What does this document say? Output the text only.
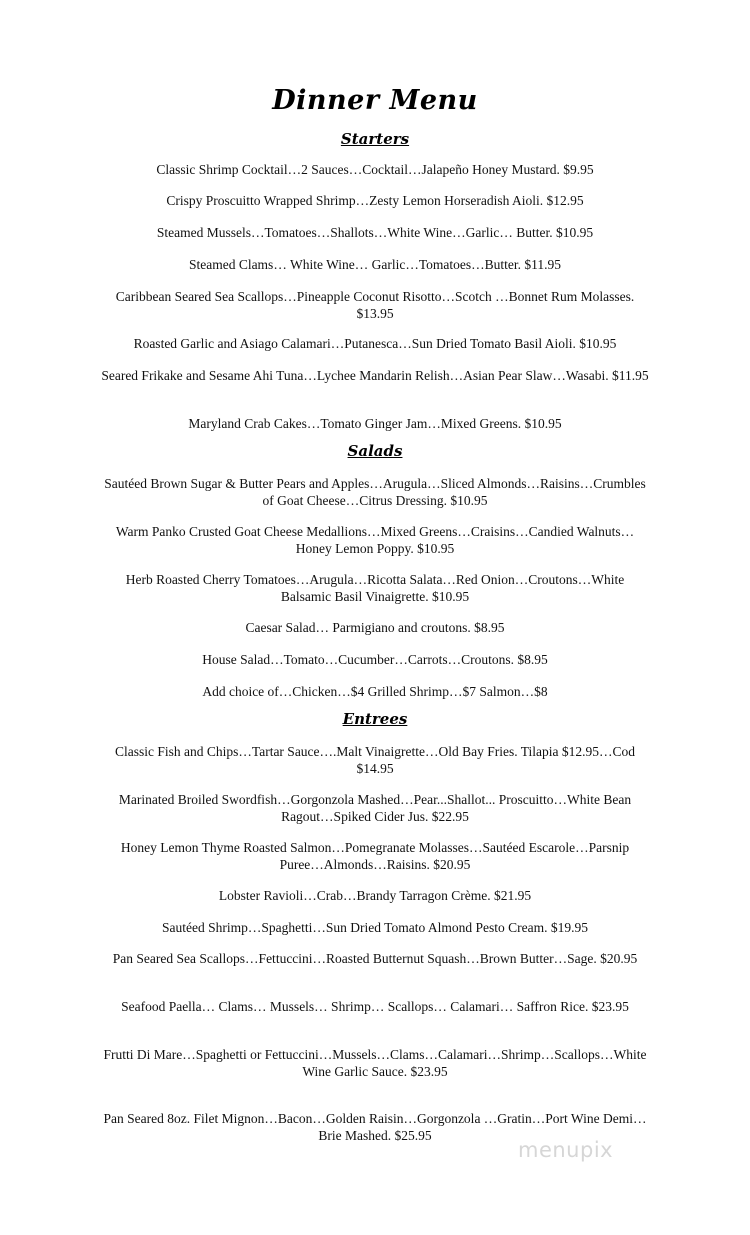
Dinner Menu
Starters
Classic Shrimp Cocktail…2 Sauces…Cocktail…Jalapeño Honey Mustard. $9.95
Crispy Proscuitto Wrapped Shrimp…Zesty Lemon Horseradish Aioli. $12.95
Steamed Mussels…Tomatoes…Shallots…White Wine…Garlic… Butter. $10.95
Steamed Clams… White Wine… Garlic…Tomatoes…Butter. $11.95
Caribbean Seared Sea Scallops…Pineapple Coconut Risotto…Scotch …Bonnet Rum Molasses. $13.95
Roasted Garlic and Asiago Calamari…Putanesca…Sun Dried Tomato Basil Aioli. $10.95
Seared Frikake and Sesame Ahi Tuna…Lychee Mandarin Relish…Asian Pear Slaw…Wasabi. $11.95
Maryland Crab Cakes…Tomato Ginger Jam…Mixed Greens. $10.95
Salads
Sautéed Brown Sugar & Butter Pears and Apples…Arugula…Sliced Almonds…Raisins…Crumbles of Goat Cheese…Citrus Dressing. $10.95
Warm Panko Crusted Goat Cheese Medallions…Mixed Greens…Craisins…Candied Walnuts…Honey Lemon Poppy. $10.95
Herb Roasted Cherry Tomatoes…Arugula…Ricotta Salata…Red Onion…Croutons…White Balsamic Basil Vinaigrette. $10.95
Caesar Salad… Parmigiano and croutons. $8.95
House Salad…Tomato…Cucumber…Carrots…Croutons. $8.95
Add choice of…Chicken…$4 Grilled Shrimp…$7 Salmon…$8
Entrees
Classic Fish and Chips…Tartar Sauce….Malt Vinaigrette…Old Bay Fries. Tilapia $12.95…Cod $14.95
Marinated Broiled Swordfish…Gorgonzola Mashed…Pear...Shallot... Proscuitto…White Bean Ragout…Spiked Cider Jus. $22.95
Honey Lemon Thyme Roasted Salmon…Pomegranate Molasses…Sautéed Escarole…Parsnip Puree…Almonds…Raisins. $20.95
Lobster Ravioli…Crab…Brandy Tarragon Crème. $21.95
Sautéed Shrimp…Spaghetti…Sun Dried Tomato Almond Pesto Cream. $19.95
Pan Seared Sea Scallops…Fettuccini…Roasted Butternut Squash…Brown Butter…Sage. $20.95
Seafood Paella… Clams… Mussels… Shrimp… Scallops… Calamari… Saffron Rice. $23.95
Frutti Di Mare…Spaghetti or Fettuccini…Mussels…Clams…Calamari…Shrimp…Scallops…White Wine Garlic Sauce. $23.95
Pan Seared 8oz. Filet Mignon…Bacon…Golden Raisin…Gorgonzola …Gratin…Port Wine Demi…Brie Mashed. $25.95
menupix
